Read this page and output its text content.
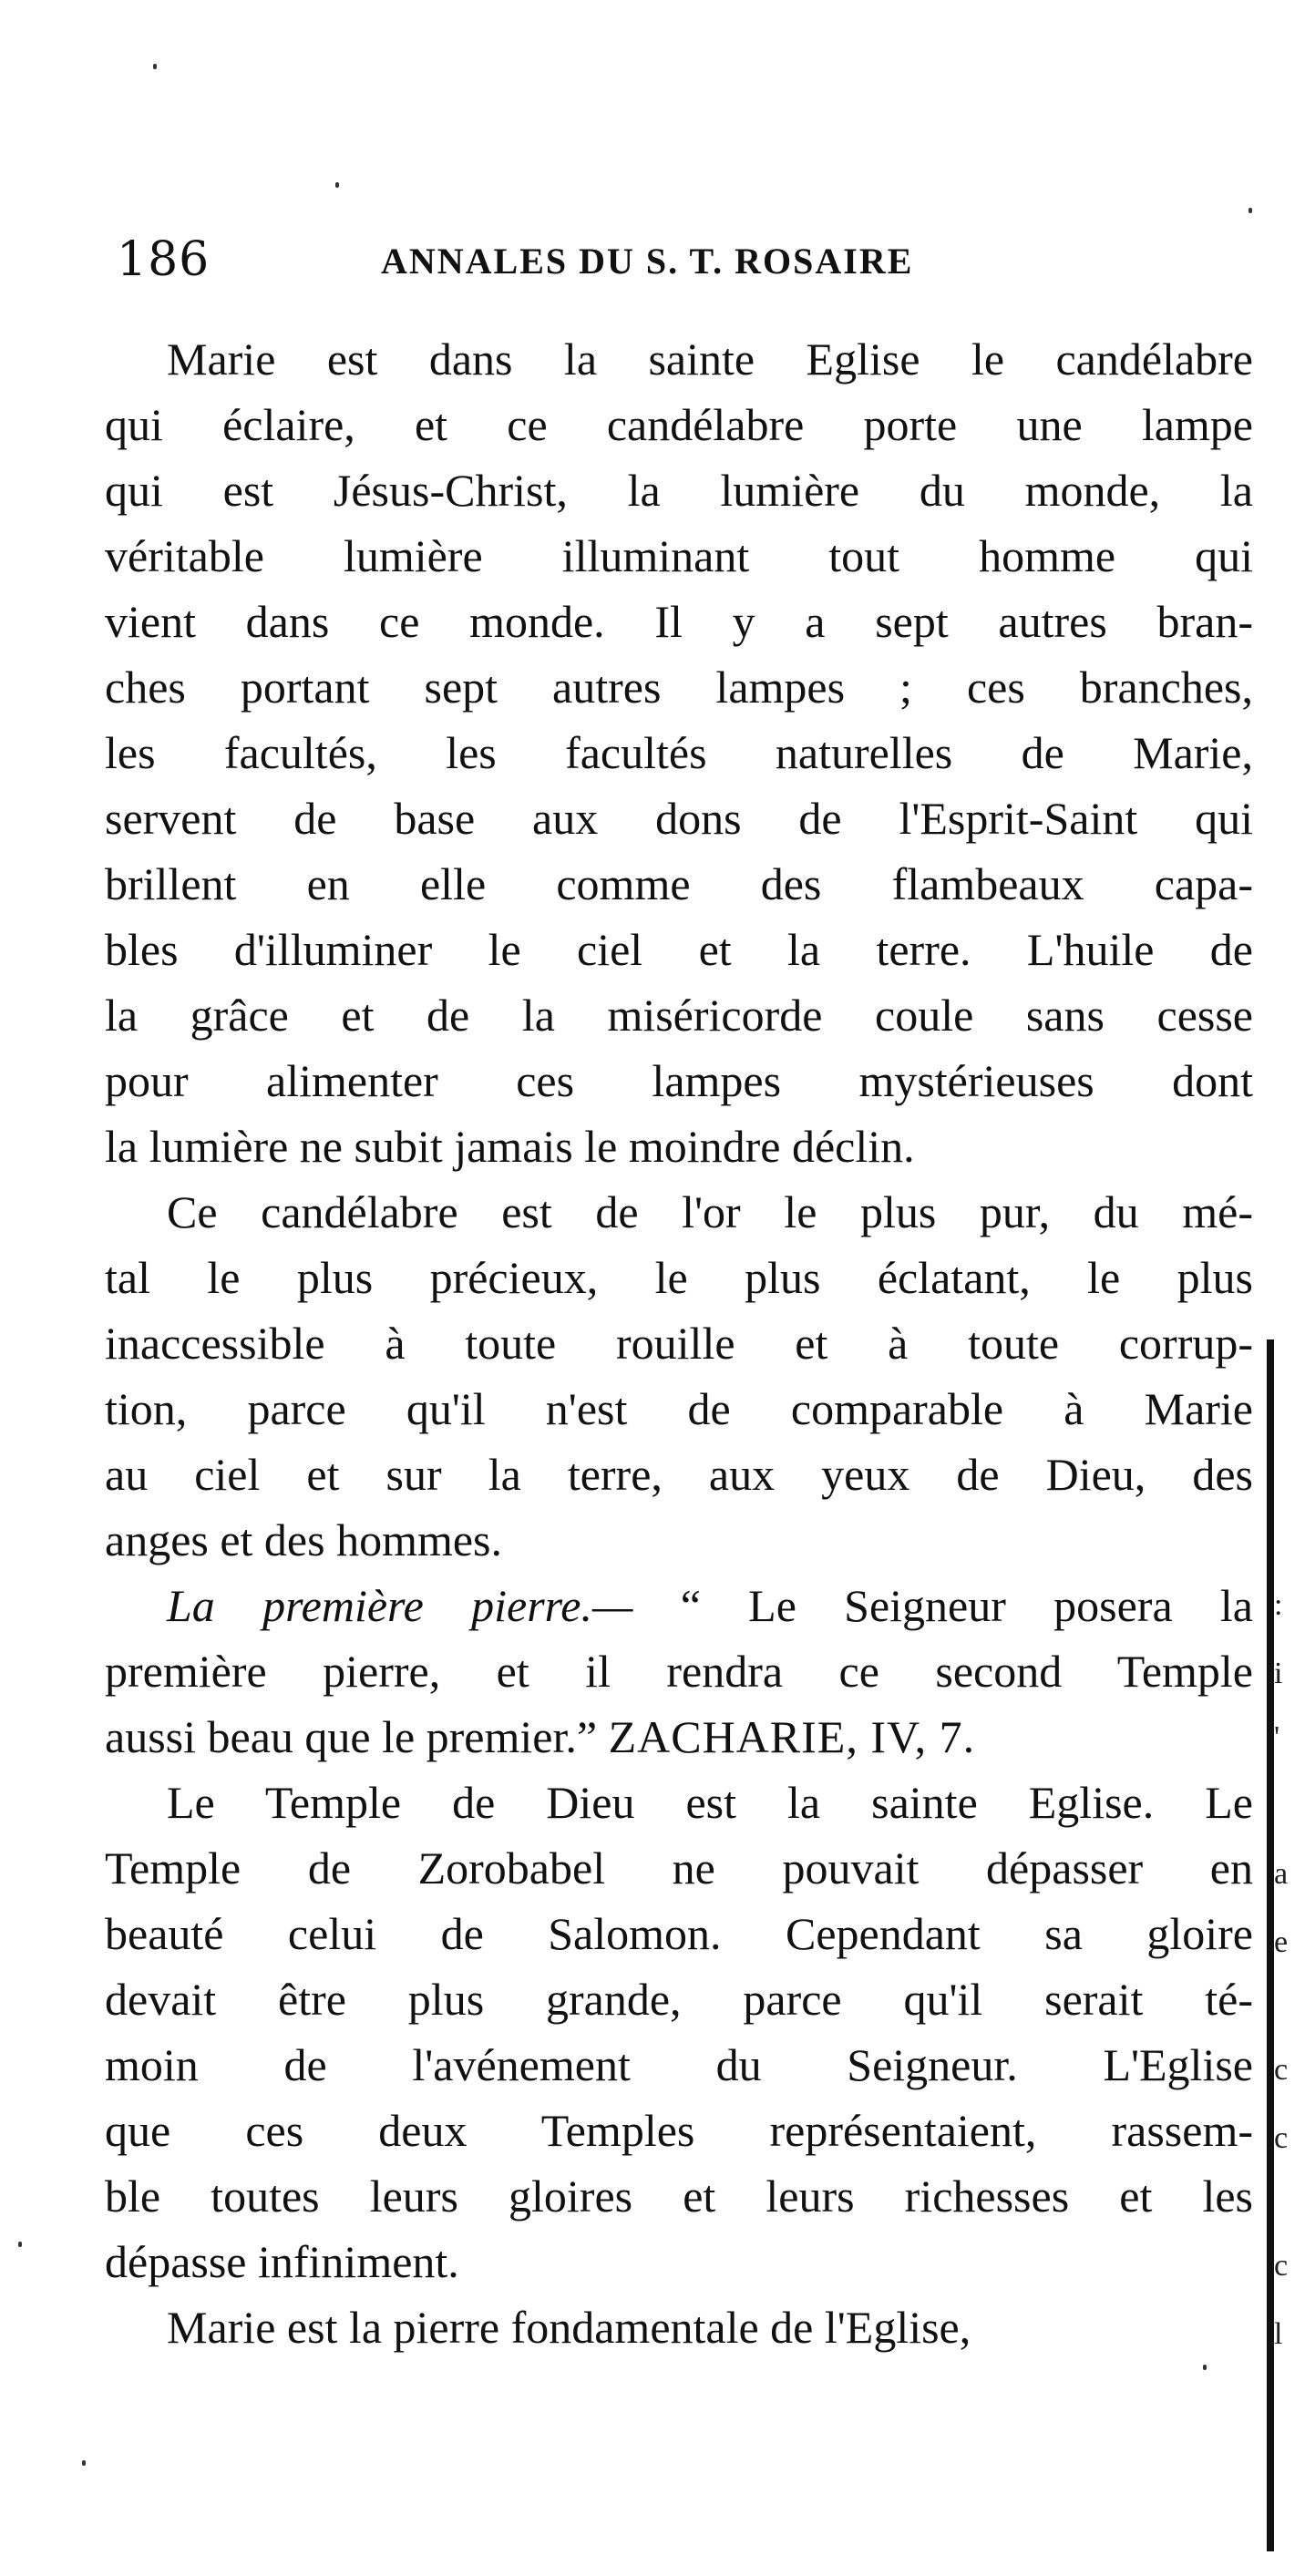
186	ANNALES DU S. T. ROSAIRE
Marie est dans la sainte Eglise le candélabre
qui éclaire, et ce candélabre porte une lampe
qui est Jésus-Christ, la lumière du monde, la
véritable lumière illuminant tout homme qui
vient dans ce monde. Il y a sept autres bran-
ches portant sept autres lampes ; ces branches,
les facultés, les facultés naturelles de Marie,
servent de base aux dons de l'Esprit-Saint qui
brillent en elle comme des flambeaux capa-
bles d'illuminer le ciel et la terre. L'huile de
la grâce et de la miséricorde coule sans cesse
pour alimenter ces lampes mystérieuses dont
la lumière ne subit jamais le moindre déclin.
Ce candélabre est de l'or le plus pur, du mé-
tal le plus précieux, le plus éclatant, le plus
inaccessible à toute rouille et à toute corrup-
tion, parce qu'il n'est de comparable à Marie
au ciel et sur la terre, aux yeux de Dieu, des
anges et des hommes.
La première pierre.— “ Le Seigneur posera la
première pierre, et il rendra ce second Temple
aussi beau que le premier.” ZACHARIE, IV, 7.
Le Temple de Dieu est la sainte Eglise. Le
Temple de Zorobabel ne pouvait dépasser en
beauté celui de Salomon. Cependant sa gloire
devait être plus grande, parce qu'il serait té-
moin de l'avénement du Seigneur. L'Eglise
que ces deux Temples représentaient, rassem-
ble toutes leurs gloires et leurs richesses et les
dépasse infiniment.
Marie est la pierre fondamentale de l'Eglise,
:
i
'
a
e
c
c
c
l
